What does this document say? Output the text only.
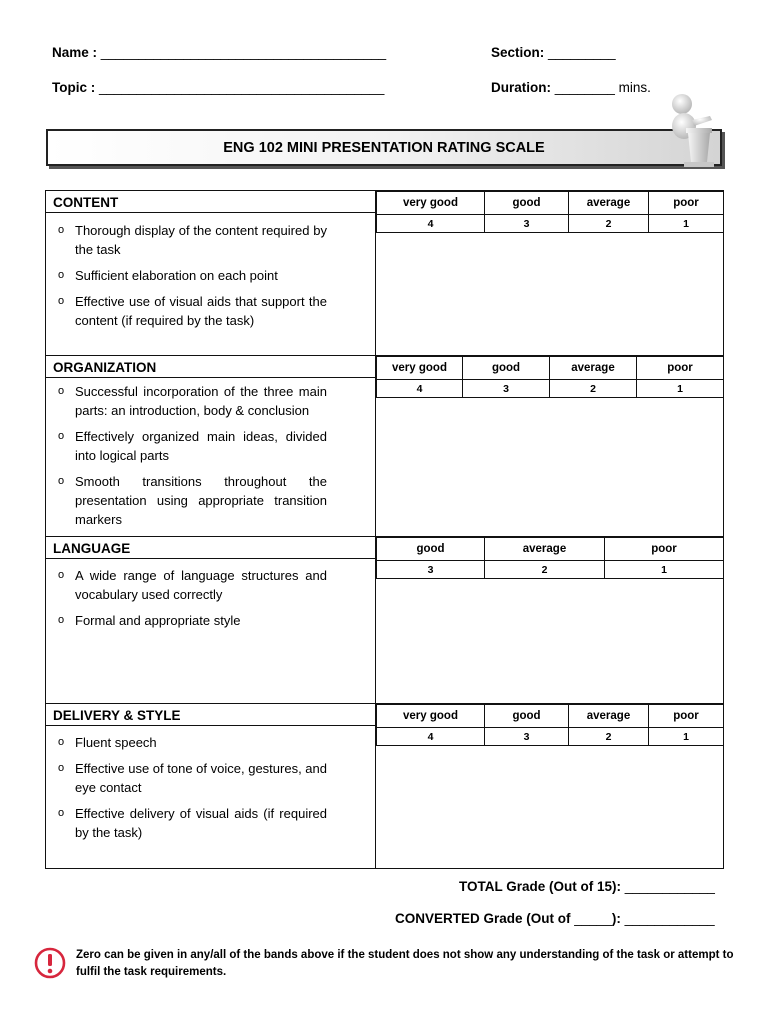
Name : ______________________________________	Section: _________
Topic : ______________________________________	Duration: ________ mins.
ENG 102 MINI PRESENTATION RATING SCALE
CONTENT		very good	good	average	poor
4	3	2	1

o Thorough display of the content required by the task
o Sufficient elaboration on each point
o Effective use of visual aids that support the content (if required by the task)

ORGANIZATION		very good	good	average	poor
4	3	2	1

o Successful incorporation of the three main parts: an introduction, body & conclusion
o Effectively organized main ideas, divided into logical parts
o Smooth transitions throughout the presentation using appropriate transition markers

LANGUAGE		good	average	poor
3	2	1

o A wide range of language structures and vocabulary used correctly
o Formal and appropriate style

DELIVERY & STYLE		very good	good	average	poor
4	3	2	1

o Fluent speech
o Effective use of tone of voice, gestures, and eye contact
o Effective delivery of visual aids (if required by the task)
TOTAL Grade (Out of 15): ____________
CONVERTED Grade (Out of _____): ____________
Zero can be given in any/all of the bands above if the student does not show any understanding of the task or attempt to fulfil the task requirements.
